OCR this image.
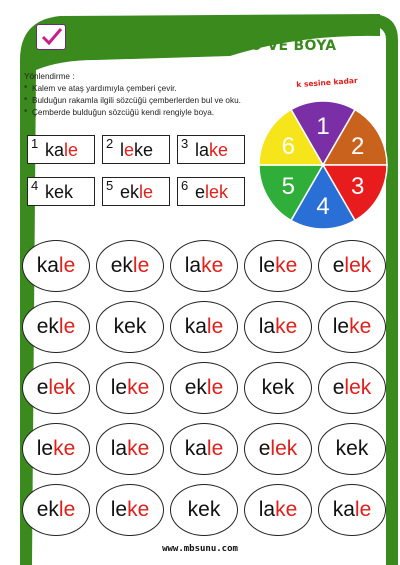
ÇEVİR, BUL, OKU VE BOYA
Yönlendirme :
* Kalem ve ataş yardımıyla çemberi çevir.
* Bulduğun rakamla ilgili sözcüğü çemberlerden bul ve oku.
* Çemberde bulduğun sözcüğü kendi rengiyle boya.
k sesine kadar
1
2
3
4
5
6
1 kale 2 leke 3 lake
4 kek	5 ekle 6 elek
kale ekle lake leke elek
ekle kek kale lake leke
elek leke ekle kek elek
leke lake kale elek kek
ekle leke kek lake kale
www.mbsunu.com
